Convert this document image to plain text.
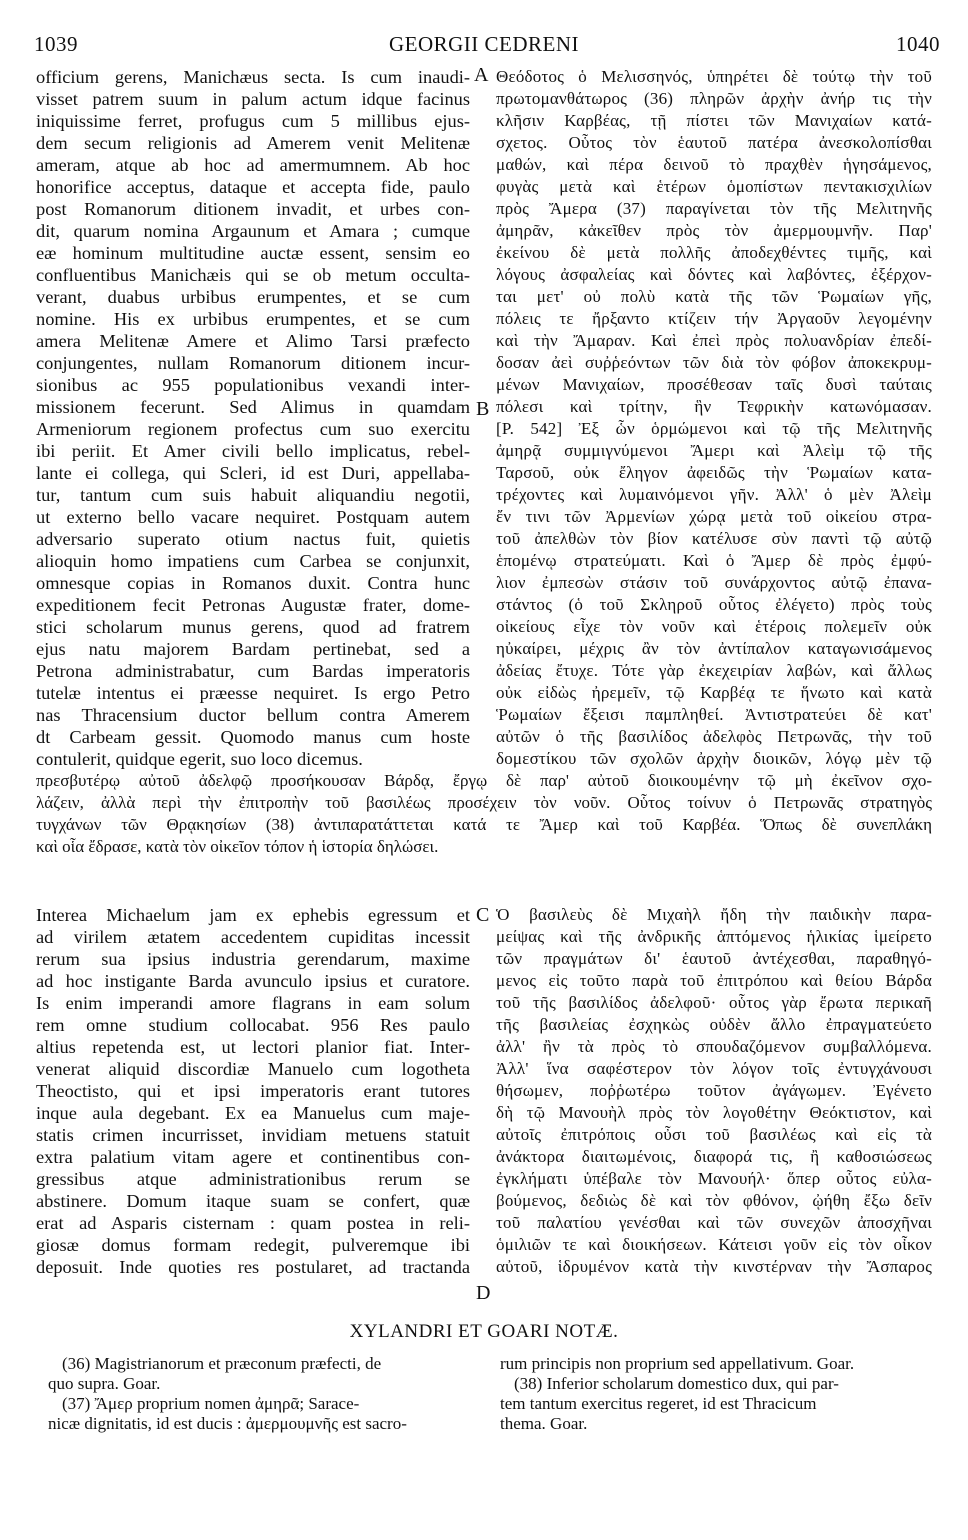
1039	GEORGII CEDRENI	1040
A
B
C
D

officium gerens, Manichæus secta. Is cum inaudi-

visset patrem suum in palum actum idque facinus

iniquissime ferret, profugus cum 5 millibus ejus-

dem secum religionis ad Amerem venit Melitenæ

ameram, atque ab hoc ad amermumnem. Ab hoc

honorifice acceptus, dataque et accepta fide, paulo

post Romanorum ditionem invadit, et urbes con-

dit, quarum nomina Argaunum et Amara ; cumque

eæ hominum multitudine auctæ essent, sensim eo

confluentibus Manichæis qui se ob metum occulta-

verant, duabus urbibus erumpentes, et se cum

nomine. His ex urbibus erumpentes, et se cum

amera Melitenæ Amere et Alimo Tarsi præfecto

conjungentes, nullam Romanorum ditionem incur-

sionibus ac 955 populationibus vexandi inter-

missionem fecerunt. Sed Alimus in quamdam

Armeniorum regionem profectus cum suo exercitu

ibi periit. Et Amer civili bello implicatus, rebel-

lante ei collega, qui Scleri, id est Duri, appellaba-

tur, tantum cum suis habuit aliquandiu negotii,

ut externo bello vacare nequiret. Postquam autem

adversario superato otium nactus fuit, quietis

alioquin homo impatiens cum Carbea se conjunxit,

omnesque copias in Romanos duxit. Contra hunc

expeditionem fecit Petronas Augustæ frater, dome-

stici scholarum munus gerens, quod ad fratrem

ejus natu majorem Bardam pertinebat, sed a

Petrona administrabatur, cum Bardas imperatoris

tutelæ intentus ei præesse nequiret. Is ergo Petro

nas Thracensium ductor bellum contra Amerem

dt Carbeam gessit. Quomodo manus cum hoste

contulerit, quidque egerit, suo loco dicemus.

Θεόδοτος ὁ Μελισσηνός, ὑπηρέτει δὲ τούτῳ τὴν τοῦ

πρωτομανθάτωρος (36) πληρῶν ἀρχὴν ἀνήρ τις τὴν

κλῆσιν Καρβέας, τῇ πίστει τῶν Μανιχαίων κατά-

σχετος. Οὗτος τὸν ἑαυτοῦ πατέρα ἀνεσκολοπίσθαι

μαθών, καὶ πέρα δεινοῦ τὸ πραχθὲν ἡγησάμενος,

φυγὰς μετὰ καὶ ἑτέρων ὁμοπίστων πεντακισχιλίων

πρὸς Ἄμερα (37) παραγίνεται τὸν τῆς Μελιτηνῆς

ἀμηρᾶν, κἀκεῖθεν πρὸς τὸν ἀμερμουμνῆν. Παρ'

ἐκείνου δὲ μετὰ πολλῆς ἀποδεχθέντες τιμῆς, καὶ

λόγους ἀσφαλείας καὶ δόντες καὶ λαβόντες, ἐξέρχον-

ται μετ' οὐ πολὺ κατὰ τῆς τῶν Ῥωμαίων γῆς,

πόλεις τε ἤρξαντο κτίζειν τήν Ἀργαοῦν λεγομένην

καὶ τὴν Ἄμαραν. Καὶ ἐπεὶ πρὸς πολυανδρίαν ἐπεδί-

δοσαν ἀεὶ συῤῥεόντων τῶν διὰ τὸν φόβον ἀποκεκρυμ-

μένων Μανιχαίων, προσέθεσαν ταῖς δυσὶ ταύταις

πόλεσι καὶ τρίτην, ἣν Τεφρικὴν κατωνόμασαν.

[P. 542] Ἐξ ὧν ὁρμώμενοι καὶ τῷ τῆς Μελιτηνῆς

ἀμηρᾷ συμμιγνύμενοι Ἄμερι καὶ Ἀλεὶμ τῷ τῆς

Ταρσοῦ, οὐκ ἔληγον ἀφειδῶς τὴν Ῥωμαίων κατα-

τρέχοντες καὶ λυμαινόμενοι γῆν. Ἀλλ' ὁ μὲν Ἀλεὶμ

ἔν τινι τῶν Ἀρμενίων χώρᾳ μετὰ τοῦ οἰκείου στρα-

τοῦ ἀπελθὼν τὸν βίον κατέλυσε σὺν παντὶ τῷ αὐτῷ

ἑπομένῳ στρατεύματι. Καὶ ὁ Ἄμερ δὲ πρὸς ἐμφύ-

λιον ἐμπεσὼν στάσιν τοῦ συνάρχοντος αὐτῷ ἐπανα-

στάντος (ὁ τοῦ Σκληροῦ οὗτος ἐλέγετο) πρὸς τοὺς

οἰκείους εἶχε τὸν νοῦν καὶ ἑτέροις πολεμεῖν οὐκ

ηὐκαίρει, μέχρις ἂν τὸν ἀντίπαλον καταγωνισάμενος

ἀδείας ἔτυχε. Τότε γὰρ ἐκεχειρίαν λαβών, καὶ ἄλλως

οὐκ εἰδὼς ἠρεμεῖν, τῷ Καρβέᾳ τε ἥνωτο καὶ κατὰ

Ῥωμαίων ἔξεισι παμπληθεί. Ἀντιστρατεύει δὲ κατ'

αὐτῶν ὁ τῆς βασιλίδος ἀδελφὸς Πετρωνᾶς, τὴν τοῦ

δομεστίκου τῶν σχολῶν ἀρχὴν διοικῶν, λόγῳ μὲν τῷ

πρεσβυτέρῳ αὐτοῦ ἀδελφῷ προσήκουσαν Βάρδᾳ, ἔργῳ δὲ παρ' αὐτοῦ διοικουμένην τῷ μὴ ἐκεῖνον σχο-

λάζειν, ἀλλὰ περὶ τὴν ἐπιτροπὴν τοῦ βασιλέως προσέχειν τὸν νοῦν. Οὗτος τοίνυν ὁ Πετρωνᾶς στρατηγὸς

τυγχάνων τῶν Θρᾳκησίων (38) ἀντιπαρατάττεται κατά τε Ἄμερ καὶ τοῦ Καρβέα. Ὅπως δὲ συνεπλάκη

καὶ οἷα ἔδρασε, κατὰ τὸν οἰκεῖον τόπον ἡ ἱστορία δηλώσει.

Interea Michaelum jam ex ephebis egressum et

ad virilem ætatem accedentem cupiditas incessit

rerum sua ipsius industria gerendarum, maxime

ad hoc instigante Barda avunculo ipsius et curatore.

Is enim imperandi amore flagrans in eam solum

rem omne studium collocabat. 956 Res paulo

altius repetenda est, ut lectori planior fiat. Inter-

venerat aliquid discordiæ Manuelo cum logotheta

Theoctisto, qui et ipsi imperatoris erant tutores

inque aula degebant. Ex ea Manuelus cum maje-

statis crimen incurrisset, invidiam metuens statuit

extra palatium vitam agere et continentibus con-

gressibus atque administrationibus rerum se

abstinere. Domum itaque suam se confert, quæ

erat ad Asparis cisternam : quam postea in reli-

giosæ domus formam redegit, pulveremque ibi

deposuit. Inde quoties res postularet, ad tractanda

Ὁ βασιλεὺς δὲ Μιχαὴλ ἤδη τὴν παιδικὴν παρα-

μείψας καὶ τῆς ἀνδρικῆς ἁπτόμενος ἡλικίας ἱμείρετο

τῶν πραγμάτων δι' ἑαυτοῦ ἀντέχεσθαι, παραθηγό-

μενος εἰς τοῦτο παρὰ τοῦ ἐπιτρόπου καὶ θείου Βάρδα

τοῦ τῆς βασιλίδος ἀδελφοῦ· οὗτος γὰρ ἔρωτα περικαῆ

τῆς βασιλείας ἐσχηκὼς οὐδὲν ἄλλο ἐπραγματεύετο

ἀλλ' ἢν τὰ πρὸς τὸ σπουδαζόμενον συμβαλλόμενα.

Ἀλλ' ἵνα σαφέστερον τὸν λόγον τοῖς ἐντυγχάνουσι

θήσωμεν, ποῤῥωτέρω τοῦτον ἀγάγωμεν. Ἐγένετο

δὴ τῷ Μανουὴλ πρὸς τὸν λογοθέτην Θεόκτιστον, καὶ

αὐτοῖς ἐπιτρόποις οὖσι τοῦ βασιλέως καὶ εἰς τὰ

ἀνάκτορα διαιτωμένοις, διαφορά τις, ἢ καθοσιώσεως

ἐγκλήματι ὑπέβαλε τὸν Μανουήλ· ὅπερ οὗτος εὐλα-

βούμενος, δεδιὼς δὲ καὶ τὸν φθόνον, ᾠήθη ἔξω δεῖν

τοῦ παλατίου γενέσθαι καὶ τῶν συνεχῶν ἀποσχῆναι

ὁμιλιῶν τε καὶ διοικήσεων. Κάτεισι γοῦν εἰς τὸν οἶκον

αὐτοῦ, ἱδρυμένον κατὰ τὴν κινστέρναν τὴν Ἄσπαρος

XYLANDRI ET GOARI NOTÆ.

(36) Magistrianorum et præconum præfecti, de

quo supra. Goar.

(37) Ἄμερ proprium nomen ἀμηρᾶ; Sarace-

nicæ dignitatis, id est ducis : ἀμερμουμνῆς est sacro-

rum principis non proprium sed appellativum. Goar.

(38) Inferior scholarum domestico dux, qui par-

tem tantum exercitus regeret, id est Thracicum

thema. Goar.
